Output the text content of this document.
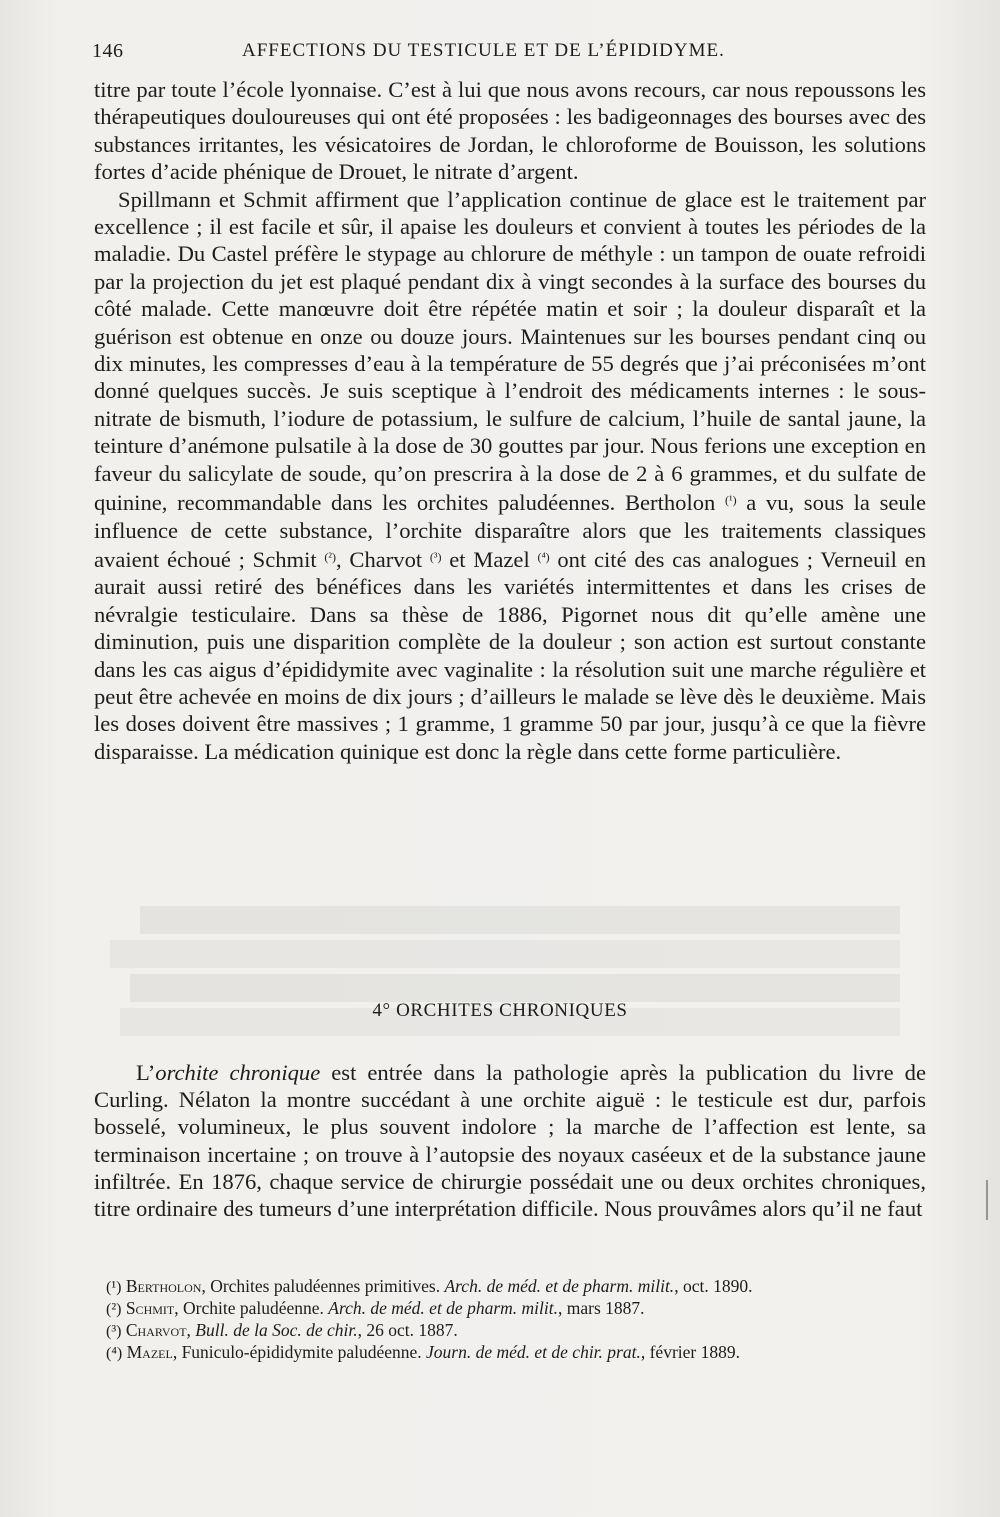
146	AFFECTIONS DU TESTICULE ET DE L’ÉPIDIDYME.

titre par toute l’école lyonnaise. C’est à lui que nous avons recours, car nous repoussons les thérapeutiques douloureuses qui ont été proposées : les badigeonnages des bourses avec des substances irritantes, les vésicatoires de Jordan, le chloroforme de Bouisson, les solutions fortes d’acide phénique de Drouet, le nitrate d’argent.

Spillmann et Schmit affirment que l’application continue de glace est le traitement par excellence ; il est facile et sûr, il apaise les douleurs et convient à toutes les périodes de la maladie. Du Castel préfère le stypage au chlorure de méthyle : un tampon de ouate refroidi par la projection du jet est plaqué pendant dix à vingt secondes à la surface des bourses du côté malade. Cette manœuvre doit être répétée matin et soir ; la douleur disparaît et la guérison est obtenue en onze ou douze jours. Maintenues sur les bourses pendant cinq ou dix minutes, les compresses d’eau à la température de 55 degrés que j’ai préconisées m’ont donné quelques succès. Je suis sceptique à l’endroit des médicaments internes : le sous-nitrate de bismuth, l’iodure de potassium, le sulfure de calcium, l’huile de santal jaune, la teinture d’anémone pulsatile à la dose de 30 gouttes par jour. Nous ferions une exception en faveur du salicylate de soude, qu’on prescrira à la dose de 2 à 6 grammes, et du sulfate de quinine, recommandable dans les orchites paludéennes. Bertholon $^{(^1)}$ a vu, sous la seule influence de cette substance, l’orchite disparaître alors que les traitements classiques avaient échoué ; Schmit $^{(^2)}$, Charvot $^{(^3)}$ et Mazel $^{(^4)}$ ont cité des cas analogues ; Verneuil en aurait aussi retiré des bénéfices dans les variétés intermittentes et dans les crises de névralgie testiculaire. Dans sa thèse de 1886, Pigornet nous dit qu’elle amène une diminution, puis une disparition complète de la douleur ; son action est surtout constante dans les cas aigus d’épididymite avec vaginalite : la résolution suit une marche régulière et peut être achevée en moins de dix jours ; d’ailleurs le malade se lève dès le deuxième. Mais les doses doivent être massives ; 1 gramme, 1 gramme 50 par jour, jusqu’à ce que la fièvre disparaisse. La médication quinique est donc la règle dans cette forme particulière.

4° ORCHITES CHRONIQUES

L’orchite chronique est entrée dans la pathologie après la publication du livre de Curling. Nélaton la montre succédant à une orchite aiguë : le testicule est dur, parfois bosselé, volumineux, le plus souvent indolore ; la marche de l’affection est lente, sa terminaison incertaine ; on trouve à l’autopsie des noyaux caséeux et de la substance jaune infiltrée. En 1876, chaque service de chirurgie possédait une ou deux orchites chroniques, titre ordinaire des tumeurs d’une interprétation difficile. Nous prouvâmes alors qu’il ne faut

(¹) Bertholon, Orchites paludéennes primitives. Arch. de méd. et de pharm. milit., oct. 1890.

(²) Schmit, Orchite paludéenne. Arch. de méd. et de pharm. milit., mars 1887.

(³) Charvot, Bull. de la Soc. de chir., 26 oct. 1887.

(⁴) Mazel, Funiculo-épididymite paludéenne. Journ. de méd. et de chir. prat., février 1889.
